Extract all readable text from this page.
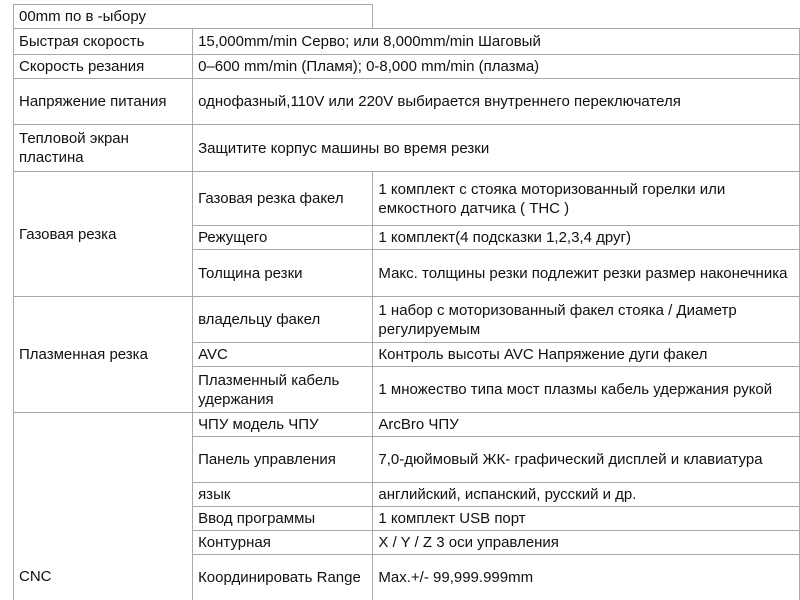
00mm по в -ыбору		
Быстрая скорость	15,000mm/min Серво; или 8,000mm/min Шаговый	
Скорость резания	0–600 mm/min (Пламя); 0-8,000 mm/min (плазма)	
Напряжение питания	однофазный,110V или 220V выбирается внутреннего переключателя	
Тепловой экран пластина	Защитите корпус машины во время резки	
Газовая резка	Газовая резка факел	1 комплект с стояка моторизованный горелки или емкостного датчика ( THC )
	Режущего	1 комплект(4 подсказки 1,2,3,4 друг)
	Толщина резки	Макс. толщины резки подлежит резки размер наконечника
Плазменная резка	владельцу факел	1 набор с моторизованный факел стояка / Диаметр регулируемым
	AVC	Контроль высоты AVC Напряжение дуги факел
	Плазменный кабель удержания	1 множество типа мост плазмы кабель удержания рукой
CNC	ЧПУ модель ЧПУ	ArcBro ЧПУ
	Панель управления	7,0-дюймовый ЖК- графический дисплей и клавиатура
	язык	английский, испанский, русский и др.
	Ввод программы	1 комплект USB порт
	Контурная	X / Y / Z 3 оси управления
	Координировать Range	Max.+/- 99,999.999mm
